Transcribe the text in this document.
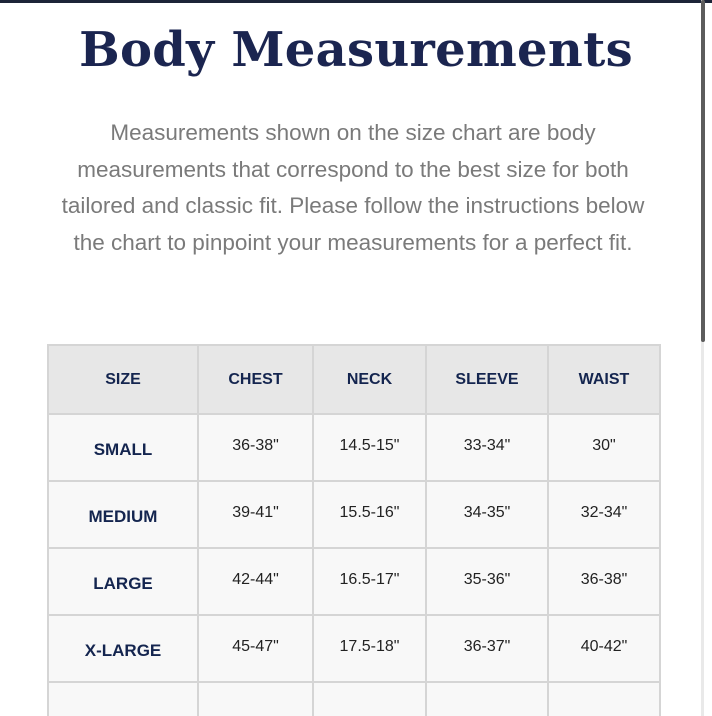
Body Measurements

Measurements shown on the size chart are body measurements that correspond to the best size for both tailored and classic fit. Please follow the instructions below the chart to pinpoint your measurements for a perfect fit.

SIZE	CHEST	NECK	SLEEVE	WAIST
SMALL	36-38"	14.5-15"	33-34"	30"
MEDIUM	39-41"	15.5-16"	34-35"	32-34"
LARGE	42-44"	16.5-17"	35-36"	36-38"
X-LARGE	45-47"	17.5-18"	36-37"	40-42"
